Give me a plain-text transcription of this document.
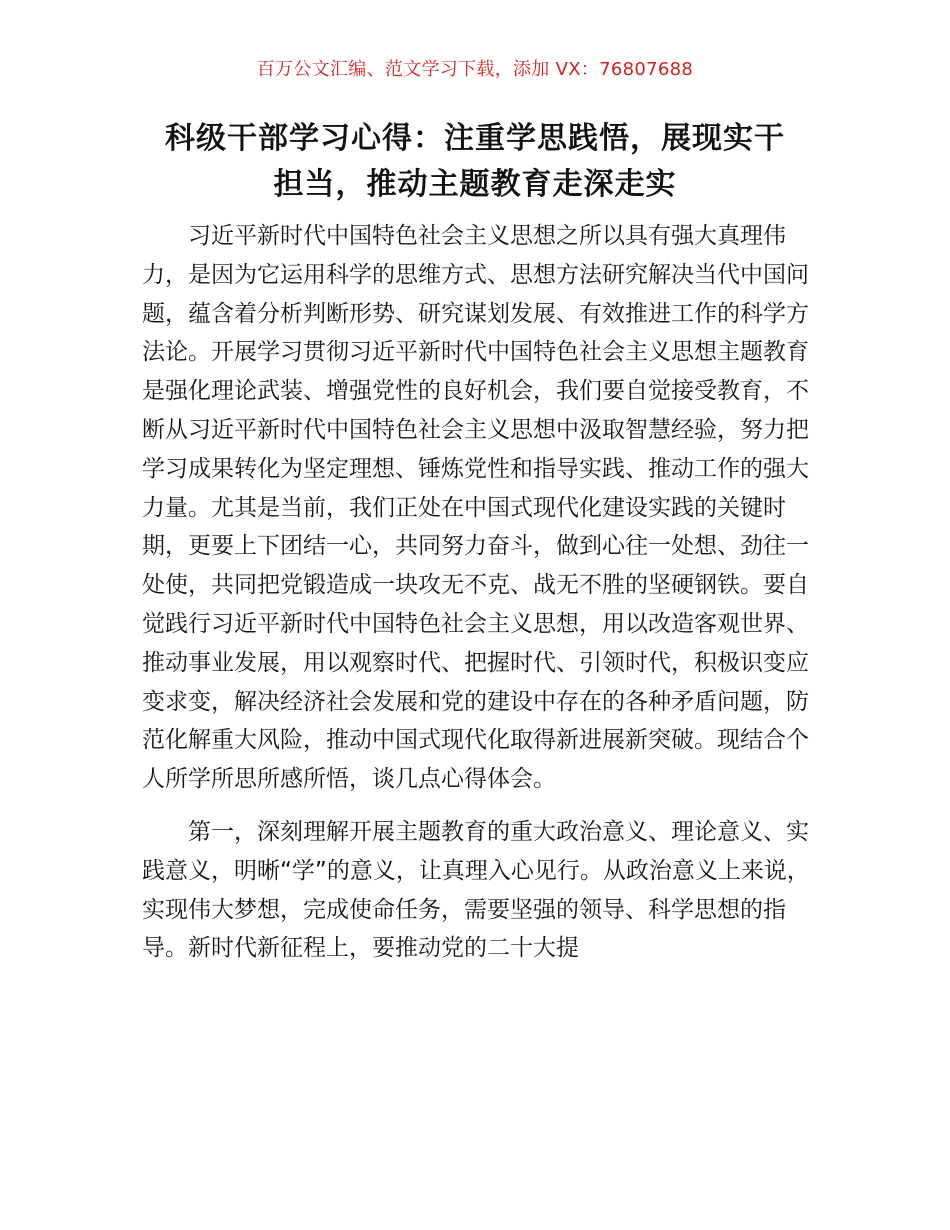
百万公文汇编、范文学习下载，添加 VX：76807688
科级干部学习心得：注重学思践悟，展现实干
担当，推动主题教育走深走实

习近平新时代中国特色社会主义思想之所以具有强大真理伟力，是因为它运用科学的思维方式、思想方法研究解决当代中国问题，蕴含着分析判断形势、研究谋划发展、有效推进工作的科学方法论。开展学习贯彻习近平新时代中国特色社会主义思想主题教育是强化理论武装、增强党性的良好机会，我们要自觉接受教育，不断从习近平新时代中国特色社会主义思想中汲取智慧经验，努力把学习成果转化为坚定理想、锤炼党性和指导实践、推动工作的强大力量。尤其是当前，我们正处在中国式现代化建设实践的关键时期，更要上下团结一心，共同努力奋斗，做到心往一处想、劲往一处使，共同把党锻造成一块攻无不克、战无不胜的坚硬钢铁。要自觉践行习近平新时代中国特色社会主义思想，用以改造客观世界、推动事业发展，用以观察时代、把握时代、引领时代，积极识变应变求变，解决经济社会发展和党的建设中存在的各种矛盾问题，防范化解重大风险，推动中国式现代化取得新进展新突破。现结合个人所学所思所感所悟，谈几点心得体会。

第一，深刻理解开展主题教育的重大政治意义、理论意义、实践意义，明晰“学”的意义，让真理入心见行。从政治意义上来说，实现伟大梦想，完成使命任务，需要坚强的领导、科学思想的指导。新时代新征程上，要推动党的二十大提
